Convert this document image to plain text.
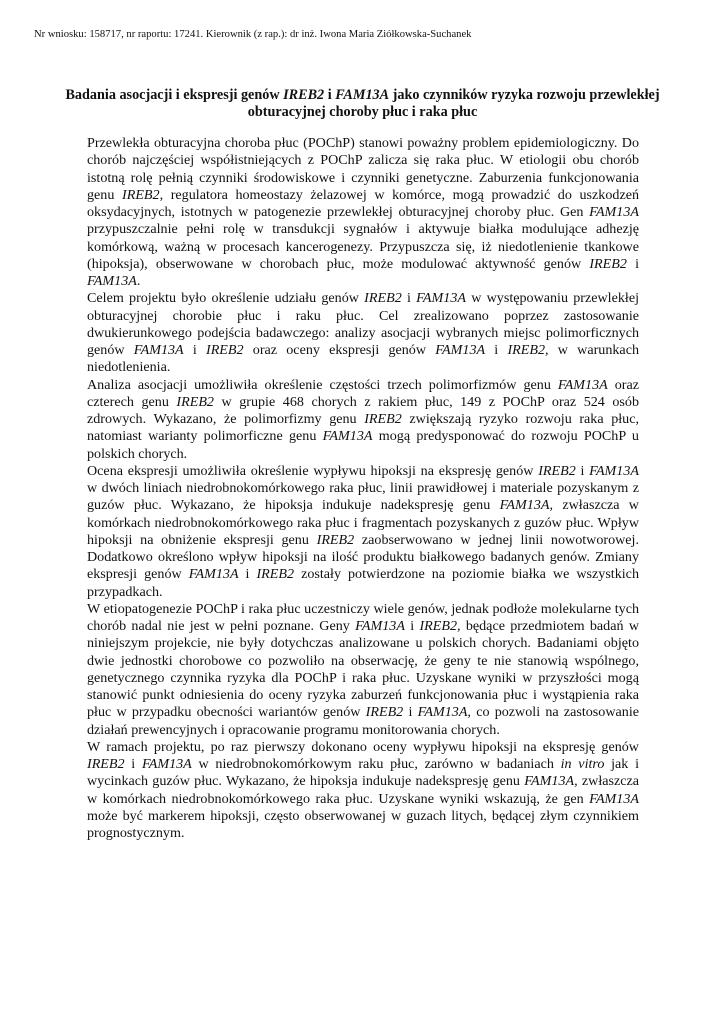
Nr wniosku: 158717, nr raportu: 17241. Kierownik (z rap.): dr inż. Iwona Maria Ziółkowska-Suchanek
Badania asocjacji i ekspresji genów IREB2 i FAM13A jako czynników ryzyka rozwoju przewlekłej obturacyjnej choroby płuc i raka płuc

Przewlekła obturacyjna choroba płuc (POChP) stanowi poważny problem epidemiologiczny. Do chorób najczęściej współistniejących z POChP zalicza się raka płuc. W etiologii obu chorób istotną rolę pełnią czynniki środowiskowe i czynniki genetyczne. Zaburzenia funkcjonowania genu IREB2, regulatora homeostazy żelazowej w komórce, mogą prowadzić do uszkodzeń oksydacyjnych, istotnych w patogenezie przewlekłej obturacyjnej choroby płuc. Gen FAM13A przypuszczalnie pełni rolę w transdukcji sygnałów i aktywuje białka modulujące adhezję komórkową, ważną w procesach kancerogenezy. Przypuszcza się, iż niedotlenienie tkankowe (hipoksja), obserwowane w chorobach płuc, może modulować aktywność genów IREB2 i FAM13A.

Celem projektu było określenie udziału genów IREB2 i FAM13A w występowaniu przewlekłej obturacyjnej chorobie płuc i raku płuc. Cel zrealizowano poprzez zastosowanie dwukierunkowego podejścia badawczego: analizy asocjacji wybranych miejsc polimorficznych genów FAM13A i IREB2 oraz oceny ekspresji genów FAM13A i IREB2, w warunkach niedotlenienia.

Analiza asocjacji umożliwiła określenie częstości trzech polimorfizmów genu FAM13A oraz czterech genu IREB2 w grupie 468 chorych z rakiem płuc, 149 z POChP oraz 524 osób zdrowych. Wykazano, że polimorfizmy genu IREB2 zwiększają ryzyko rozwoju raka płuc, natomiast warianty polimorficzne genu FAM13A mogą predysponować do rozwoju POChP u polskich chorych.

Ocena ekspresji umożliwiła określenie wypływu hipoksji na ekspresję genów IREB2 i FAM13A w dwóch liniach niedrobnokomórkowego raka płuc, linii prawidłowej i materiale pozyskanym z guzów płuc. Wykazano, że hipoksja indukuje nadekspresję genu FAM13A, zwłaszcza w komórkach niedrobnokomórkowego raka płuc i fragmentach pozyskanych z guzów płuc. Wpływ hipoksji na obniżenie ekspresji genu IREB2 zaobserwowano w jednej linii nowotworowej. Dodatkowo określono wpływ hipoksji na ilość produktu białkowego badanych genów. Zmiany ekspresji genów FAM13A i IREB2 zostały potwierdzone na poziomie białka we wszystkich przypadkach.

W etiopatogenezie POChP i raka płuc uczestniczy wiele genów, jednak podłoże molekularne tych chorób nadal nie jest w pełni poznane. Geny FAM13A i IREB2, będące przedmiotem badań w niniejszym projekcie, nie były dotychczas analizowane u polskich chorych. Badaniami objęto dwie jednostki chorobowe co pozwoliło na obserwację, że geny te nie stanowią wspólnego, genetycznego czynnika ryzyka dla POChP i raka płuc. Uzyskane wyniki w przyszłości mogą stanowić punkt odniesienia do oceny ryzyka zaburzeń funkcjonowania płuc i wystąpienia raka płuc w przypadku obecności wariantów genów IREB2 i FAM13A, co pozwoli na zastosowanie działań prewencyjnych i opracowanie programu monitorowania chorych.

W ramach projektu, po raz pierwszy dokonano oceny wypływu hipoksji na ekspresję genów IREB2 i FAM13A w niedrobnokomórkowym raku płuc, zarówno w badaniach in vitro jak i wycinkach guzów płuc. Wykazano, że hipoksja indukuje nadekspresję genu FAM13A, zwłaszcza w komórkach niedrobnokomórkowego raka płuc. Uzyskane wyniki wskazują, że gen FAM13A może być markerem hipoksji, często obserwowanej w guzach litych, będącej złym czynnikiem prognostycznym.
